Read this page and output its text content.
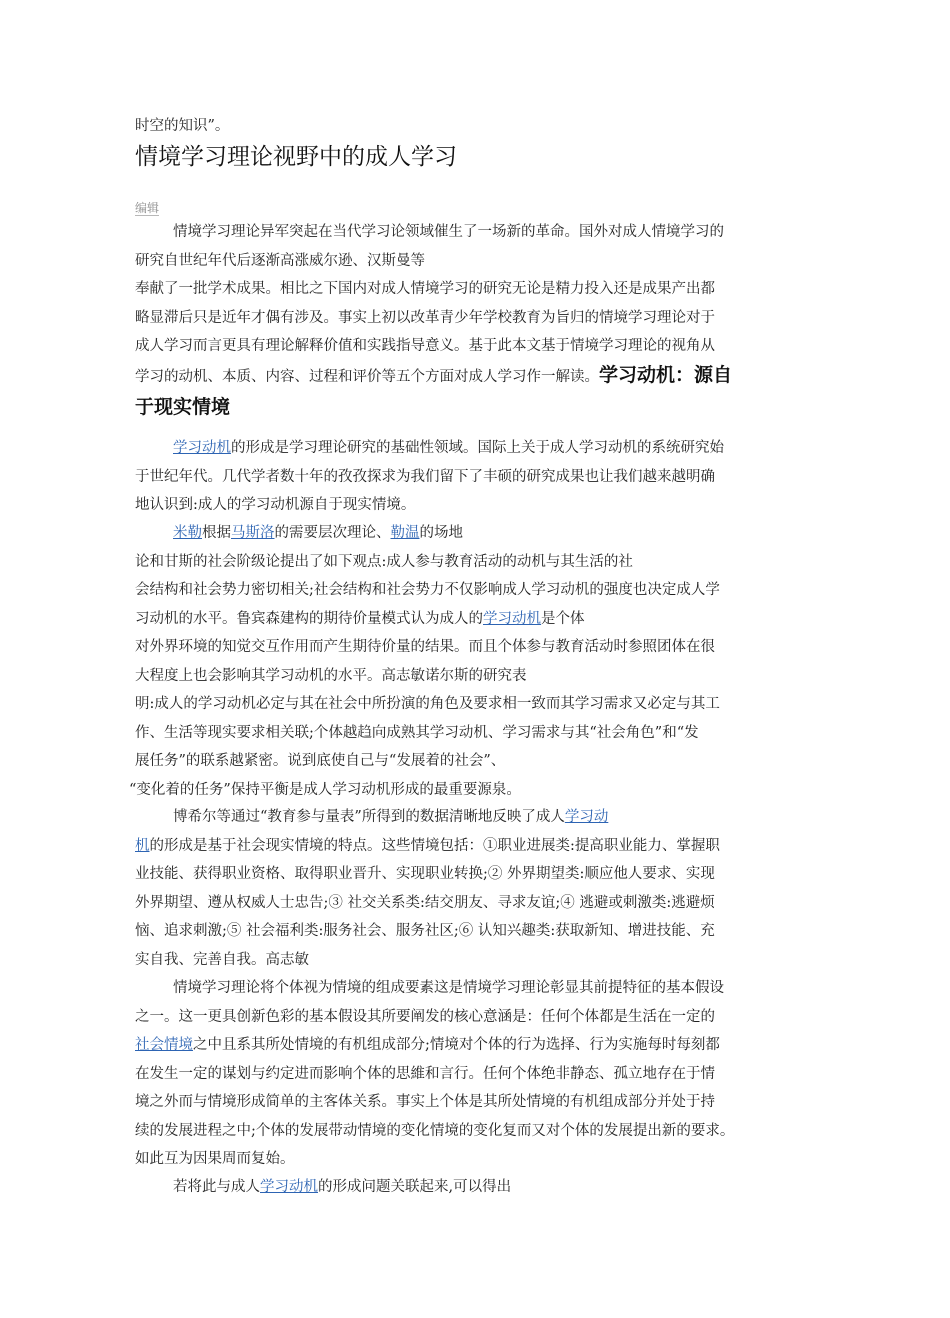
时空的知识”。
情境学习理论视野中的成人学习
编辑
情境学习理论异军突起在当代学习论领域催生了一场新的革命。国外对成人情境学习的
研究自世纪年代后逐渐高涨威尔逊、汉斯曼等
奉献了一批学术成果。相比之下国内对成人情境学习的研究无论是精力投入还是成果产出都
略显滞后只是近年才偶有涉及。事实上初以改革青少年学校教育为旨归的情境学习理论对于
成人学习而言更具有理论解释价值和实践指导意义。基于此本文基于情境学习理论的视角从
学习的动机、本质、内容、过程和评价等五个方面对成人学习作一解读。学习动机：源自
于现实情境
学习动机的形成是学习理论研究的基础性领域。国际上关于成人学习动机的系统研究始
于世纪年代。几代学者数十年的孜孜探求为我们留下了丰硕的研究成果也让我们越来越明确
地认识到:成人的学习动机源自于现实情境。
米勒根据马斯洛的需要层次理论、勒温的场地
论和甘斯的社会阶级论提出了如下观点:成人参与教育活动的动机与其生活的社
会结构和社会势力密切相关;社会结构和社会势力不仅影响成人学习动机的强度也决定成人学
习动机的水平。鲁宾森建构的期待价量模式认为成人的学习动机是个体
对外界环境的知觉交互作用而产生期待价量的结果。而且个体参与教育活动时参照团体在很
大程度上也会影响其学习动机的水平。高志敏诺尔斯的研究表
明:成人的学习动机必定与其在社会中所扮演的角色及要求相一致而其学习需求又必定与其工
作、生活等现实要求相关联;个体越趋向成熟其学习动机、学习需求与其“社会角色”和“发
展任务”的联系越紧密。说到底使自己与“发展着的社会”、
“变化着的任务”保持平衡是成人学习动机形成的最重要源泉。
博希尔等通过“教育参与量表”所得到的数据清晰地反映了成人学习动
机的形成是基于社会现实情境的特点。这些情境包括：①职业进展类:提高职业能力、掌握职
业技能、获得职业资格、取得职业晋升、实现职业转换;② 外界期望类:顺应他人要求、实现
外界期望、遵从权威人士忠告;③ 社交关系类:结交朋友、寻求友谊;④ 逃避或刺激类:逃避烦
恼、追求刺激;⑤ 社会福利类:服务社会、服务社区;⑥ 认知兴趣类:获取新知、增进技能、充
实自我、完善自我。高志敏
情境学习理论将个体视为情境的组成要素这是情境学习理论彰显其前提特征的基本假设
之一。这一更具创新色彩的基本假设其所要阐发的核心意涵是：任何个体都是生活在一定的
社会情境之中且系其所处情境的有机组成部分;情境对个体的行为选择、行为实施每时每刻都
在发生一定的谋划与约定进而影响个体的思維和言行。任何个体绝非静态、孤立地存在于情
境之外而与情境形成简单的主客体关系。事实上个体是其所处情境的有机组成部分并处于持
续的发展进程之中;个体的发展带动情境的变化情境的变化复而又对个体的发展提出新的要求。
如此互为因果周而复始。
若将此与成人学习动机的形成问题关联起来,可以得出
